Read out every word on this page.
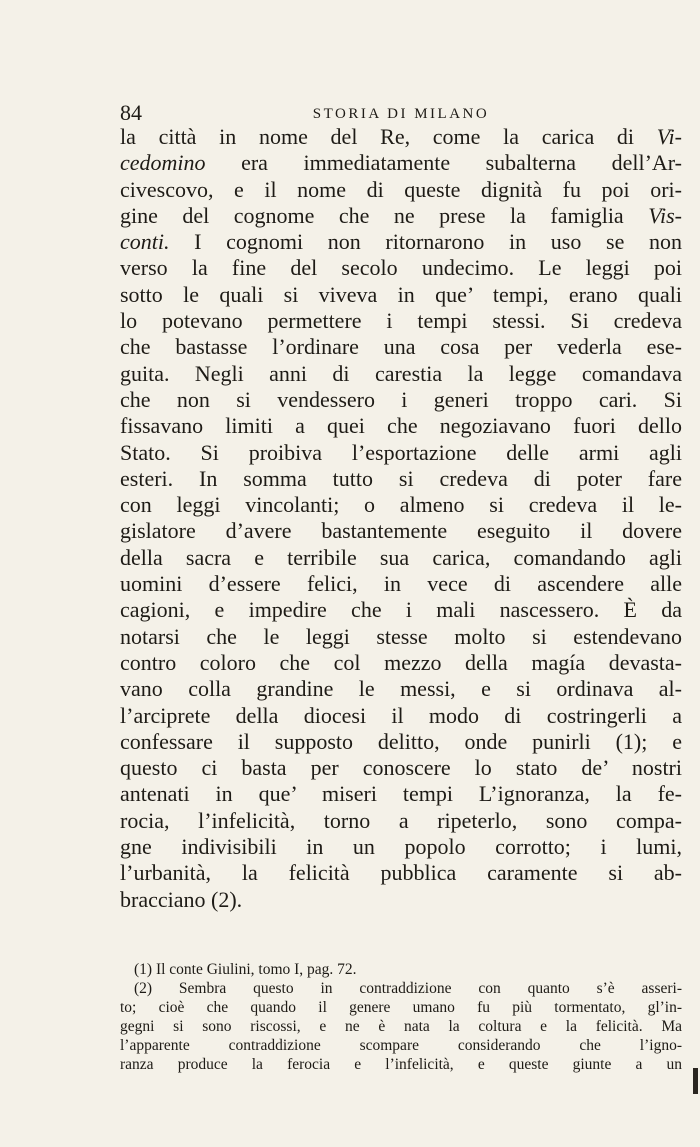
84	STORIA DI MILANO
la città in nome del Re, come la carica di Vi-
cedomino era immediatamente subalterna dell’Ar-
civescovo, e il nome di queste dignità fu poi ori-
gine del cognome che ne prese la famiglia Vis-
conti. I cognomi non ritornarono in uso se non
verso la fine del secolo undecimo. Le leggi poi
sotto le quali si viveva in que’ tempi, erano quali
lo potevano permettere i tempi stessi. Si credeva
che bastasse l’ordinare una cosa per vederla ese-
guita. Negli anni di carestia la legge comandava
che non si vendessero i generi troppo cari. Si
fissavano limiti a quei che negoziavano fuori dello
Stato. Si proibiva l’esportazione delle armi agli
esteri. In somma tutto si credeva di poter fare
con leggi vincolanti; o almeno si credeva il le-
gislatore d’avere bastantemente eseguito il dovere
della sacra e terribile sua carica, comandando agli
uomini d’essere felici, in vece di ascendere alle
cagioni, e impedire che i mali nascessero. È da
notarsi che le leggi stesse molto si estendevano
contro coloro che col mezzo della magía devasta-
vano colla grandine le messi, e si ordinava al-
l’arciprete della diocesi il modo di costringerli a
confessare il supposto delitto, onde punirli (1); e
questo ci basta per conoscere lo stato de’ nostri
antenati in que’ miseri tempi L’ignoranza, la fe-
rocia, l’infelicità, torno a ripeterlo, sono compa-
gne indivisibili in un popolo corrotto; i lumi,
l’urbanità, la felicità pubblica caramente si ab-
bracciano (2).
(1) Il conte Giulini, tomo I, pag. 72.
(2) Sembra questo in contraddizione con quanto s’è asseri-
to; cioè che quando il genere umano fu più tormentato, gl’in-
gegni si sono riscossi, e ne è nata la coltura e la felicità. Ma
l’apparente contraddizione scompare considerando che l’igno-
ranza produce la ferocia e l’infelicità, e queste giunte a un
